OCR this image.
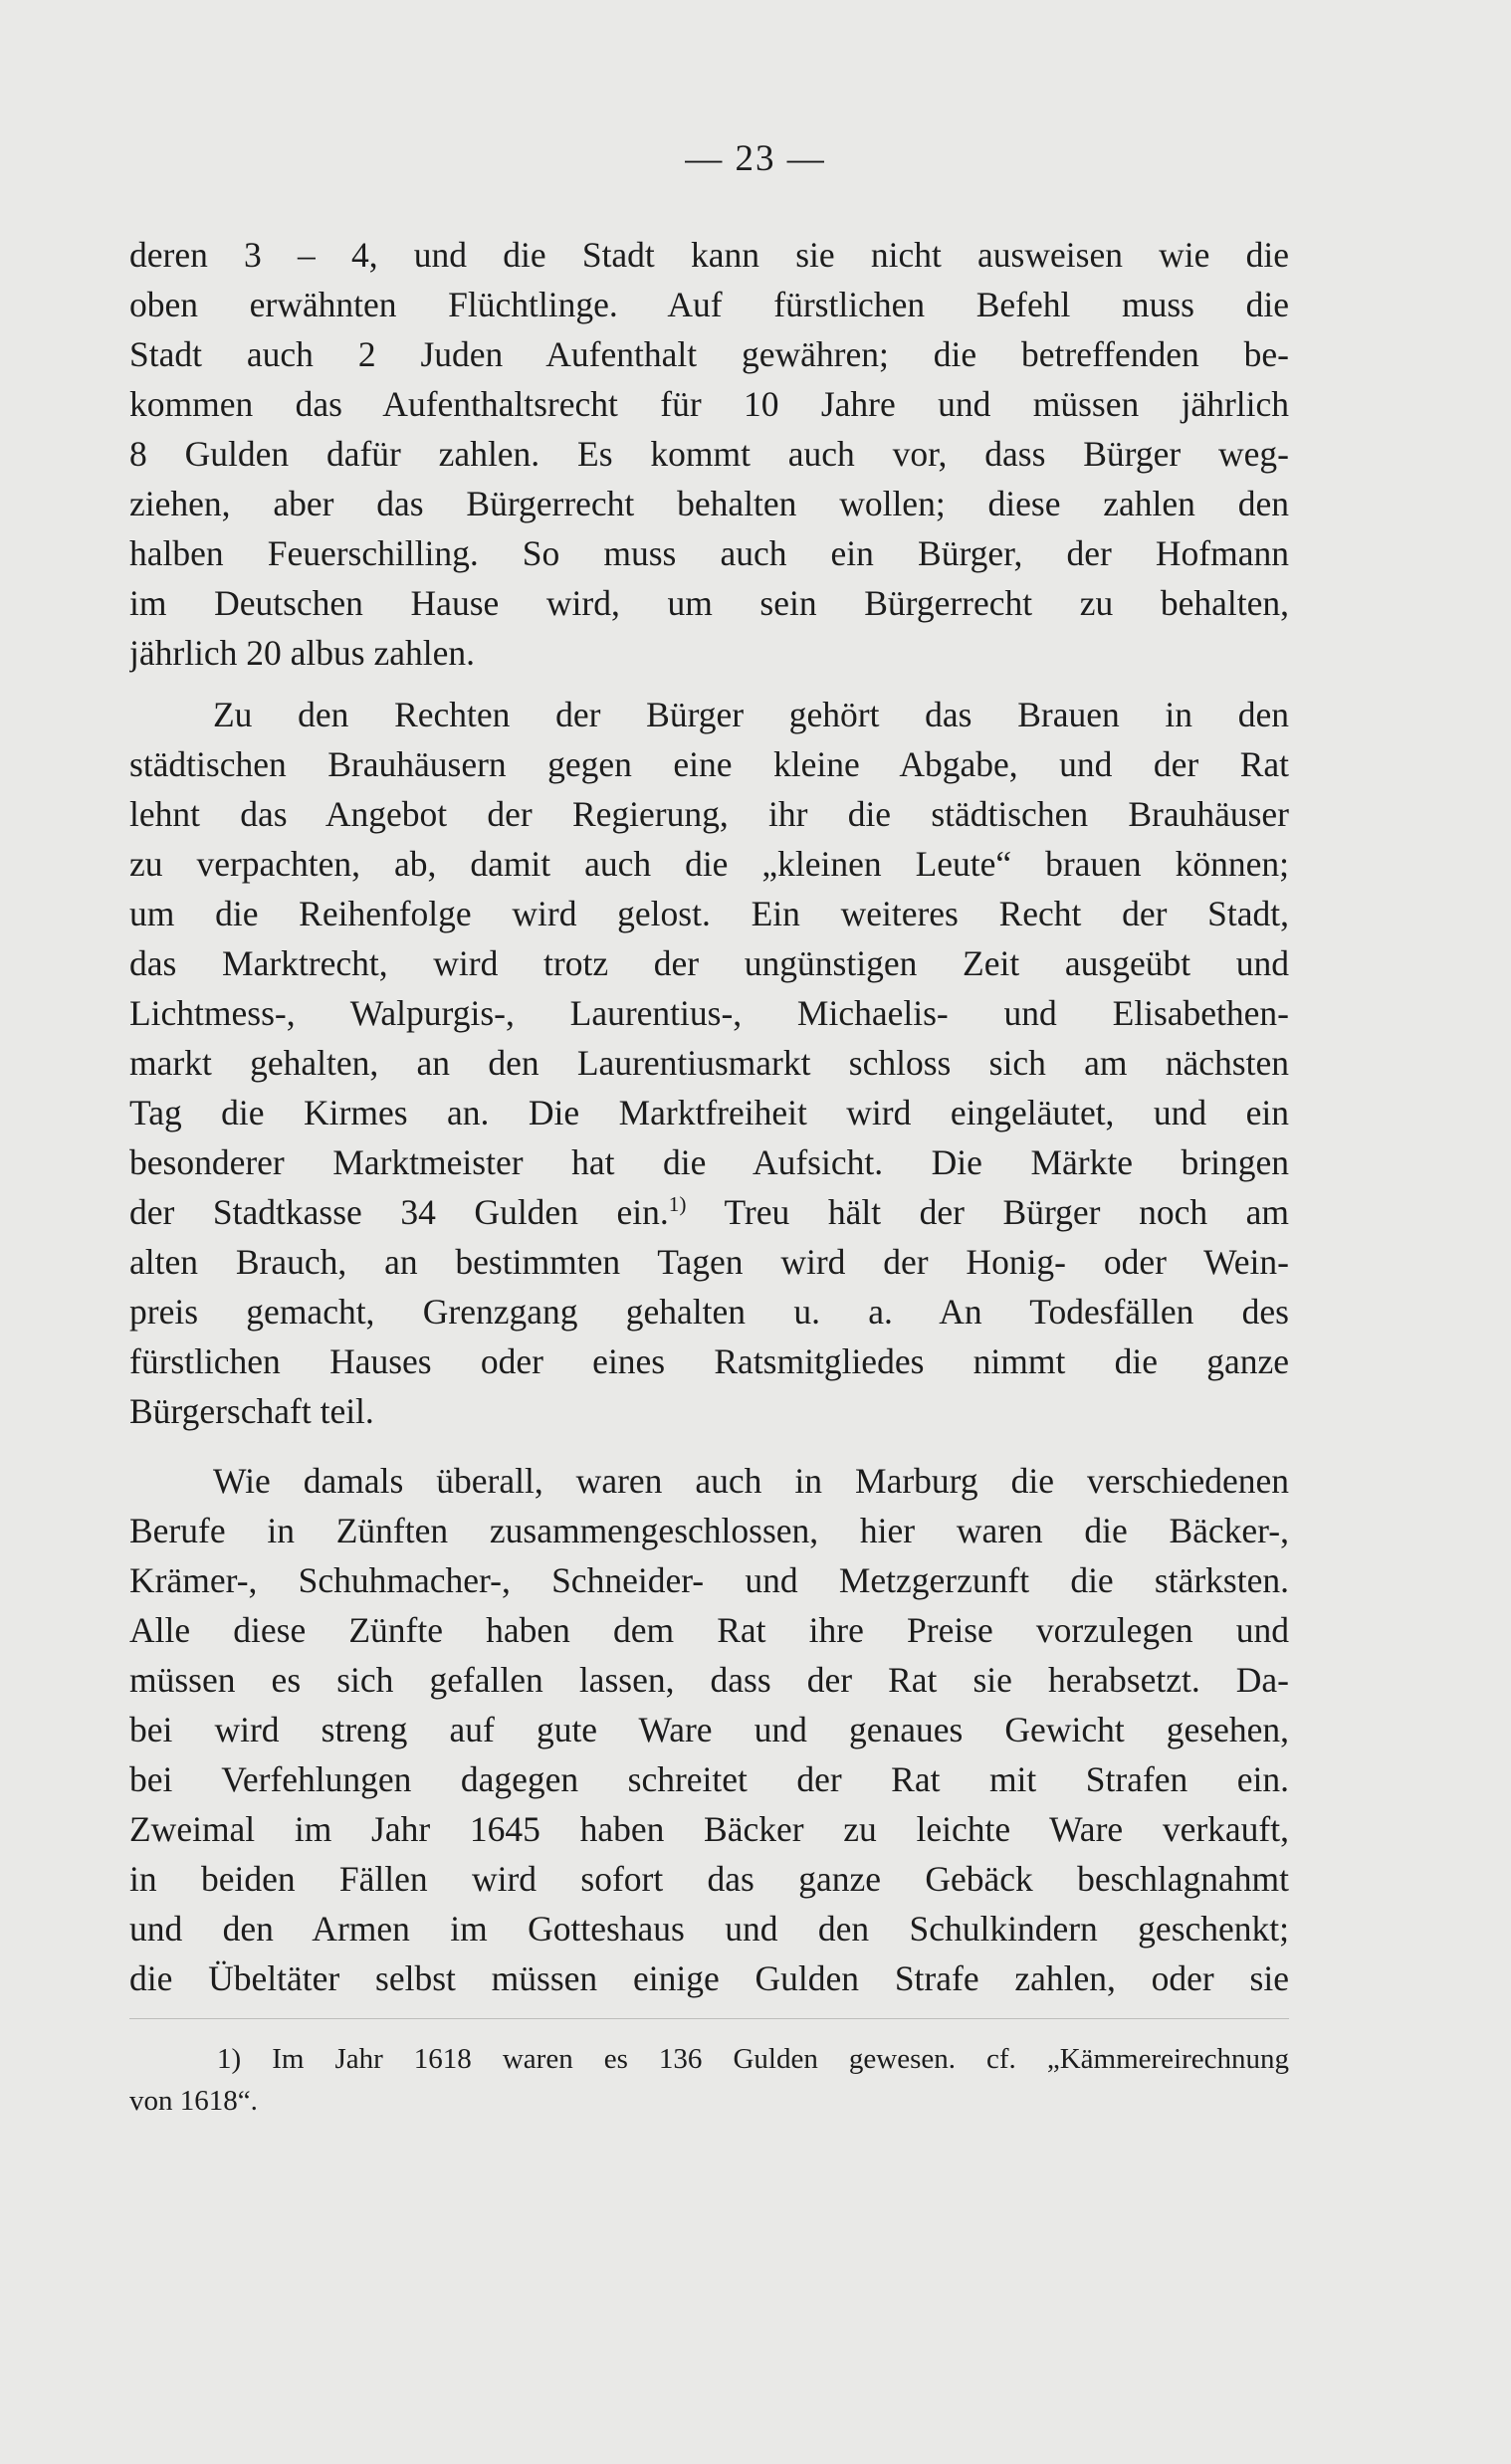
— 23 —
deren 3 – 4, und die Stadt kann sie nicht ausweisen wie die
oben erwähnten Flüchtlinge. Auf fürstlichen Befehl muss die
Stadt auch 2 Juden Aufenthalt gewähren; die betreffenden be-
kommen das Aufenthaltsrecht für 10 Jahre und müssen jährlich
8 Gulden dafür zahlen. Es kommt auch vor, dass Bürger weg-
ziehen, aber das Bürgerrecht behalten wollen; diese zahlen den
halben Feuerschilling. So muss auch ein Bürger, der Hofmann
im Deutschen Hause wird, um sein Bürgerrecht zu behalten,
jährlich 20 albus zahlen.
Zu den Rechten der Bürger gehört das Brauen in den
städtischen Brauhäusern gegen eine kleine Abgabe, und der Rat
lehnt das Angebot der Regierung, ihr die städtischen Brauhäuser
zu verpachten, ab, damit auch die „kleinen Leute“ brauen können;
um die Reihenfolge wird gelost. Ein weiteres Recht der Stadt,
das Marktrecht, wird trotz der ungünstigen Zeit ausgeübt und
Lichtmess-, Walpurgis-, Laurentius-, Michaelis- und Elisabethen-
markt gehalten, an den Laurentiusmarkt schloss sich am nächsten
Tag die Kirmes an. Die Marktfreiheit wird eingeläutet, und ein
besonderer Marktmeister hat die Aufsicht. Die Märkte bringen
der Stadtkasse 34 Gulden ein.$^{1)}$ Treu hält der Bürger noch am
alten Brauch, an bestimmten Tagen wird der Honig- oder Wein-
preis gemacht, Grenzgang gehalten u. a. An Todesfällen des
fürstlichen Hauses oder eines Ratsmitgliedes nimmt die ganze
Bürgerschaft teil.
Wie damals überall, waren auch in Marburg die verschiedenen
Berufe in Zünften zusammengeschlossen, hier waren die Bäcker-,
Krämer-, Schuhmacher-, Schneider- und Metzgerzunft die stärksten.
Alle diese Zünfte haben dem Rat ihre Preise vorzulegen und
müssen es sich gefallen lassen, dass der Rat sie herabsetzt. Da-
bei wird streng auf gute Ware und genaues Gewicht gesehen,
bei Verfehlungen dagegen schreitet der Rat mit Strafen ein.
Zweimal im Jahr 1645 haben Bäcker zu leichte Ware verkauft,
in beiden Fällen wird sofort das ganze Gebäck beschlagnahmt
und den Armen im Gotteshaus und den Schulkindern geschenkt;
die Übeltäter selbst müssen einige Gulden Strafe zahlen, oder sie
1) Im Jahr 1618 waren es 136 Gulden gewesen. cf. „Kämmereirechnung
von 1618“.
